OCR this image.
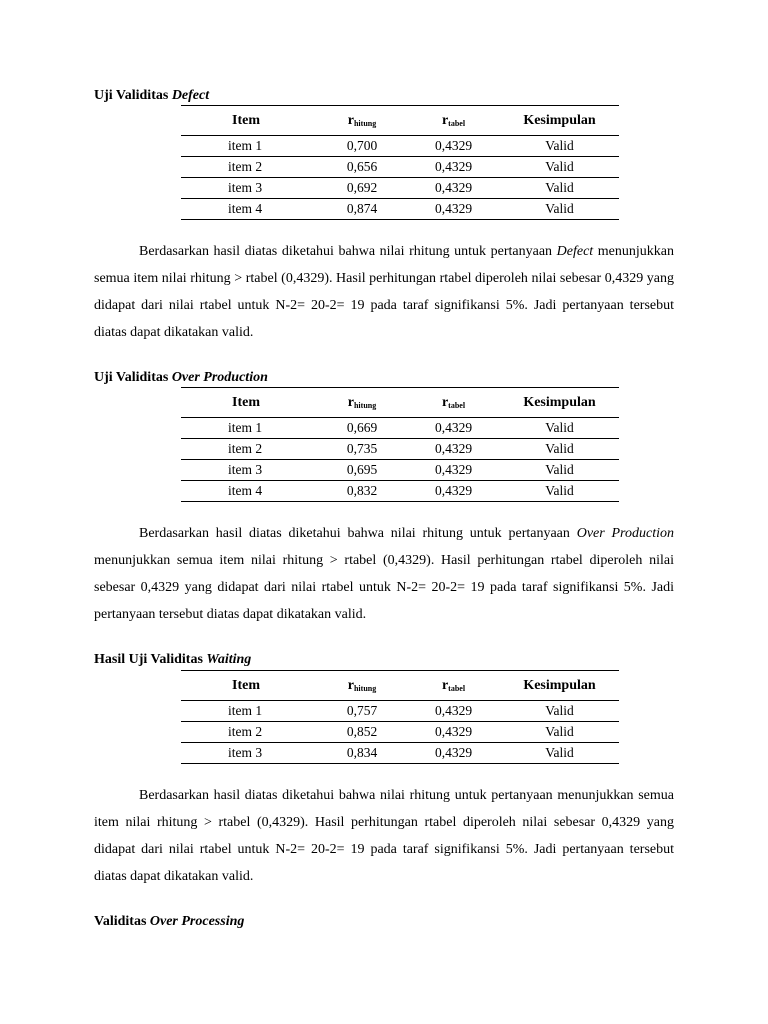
Uji Validitas Defect
Item	$r_{hitung}$	$r_{tabel}$	Kesimpulan
item 1	0,700	0,4329	Valid
item 2	0,656	0,4329	Valid
item 3	0,692	0,4329	Valid
item 4	0,874	0,4329	Valid

Berdasarkan hasil diatas diketahui bahwa nilai rhitung untuk pertanyaan Defect menunjukkan semua item nilai rhitung > rtabel (0,4329). Hasil perhitungan rtabel diperoleh nilai sebesar 0,4329 yang didapat dari nilai rtabel untuk N-2= 20-2= 19 pada taraf signifikansi 5%. Jadi pertanyaan tersebut diatas dapat dikatakan valid.

Uji Validitas Over Production
Item	$r_{hitung}$	$r_{tabel}$	Kesimpulan
item 1	0,669	0,4329	Valid
item 2	0,735	0,4329	Valid
item 3	0,695	0,4329	Valid
item 4	0,832	0,4329	Valid

Berdasarkan hasil diatas diketahui bahwa nilai rhitung untuk pertanyaan Over Production menunjukkan semua item nilai rhitung > rtabel (0,4329). Hasil perhitungan rtabel diperoleh nilai sebesar 0,4329 yang didapat dari nilai rtabel untuk N-2= 20-2= 19 pada taraf signifikansi 5%. Jadi pertanyaan tersebut diatas dapat dikatakan valid.

Hasil Uji Validitas Waiting
Item	$r_{hitung}$	$r_{tabel}$	Kesimpulan
item 1	0,757	0,4329	Valid
item 2	0,852	0,4329	Valid
item 3	0,834	0,4329	Valid

Berdasarkan hasil diatas diketahui bahwa nilai rhitung untuk pertanyaan menunjukkan semua item nilai rhitung > rtabel (0,4329). Hasil perhitungan rtabel diperoleh nilai sebesar 0,4329 yang didapat dari nilai rtabel untuk N-2= 20-2= 19 pada taraf signifikansi 5%. Jadi pertanyaan tersebut diatas dapat dikatakan valid.

Validitas Over Processing
